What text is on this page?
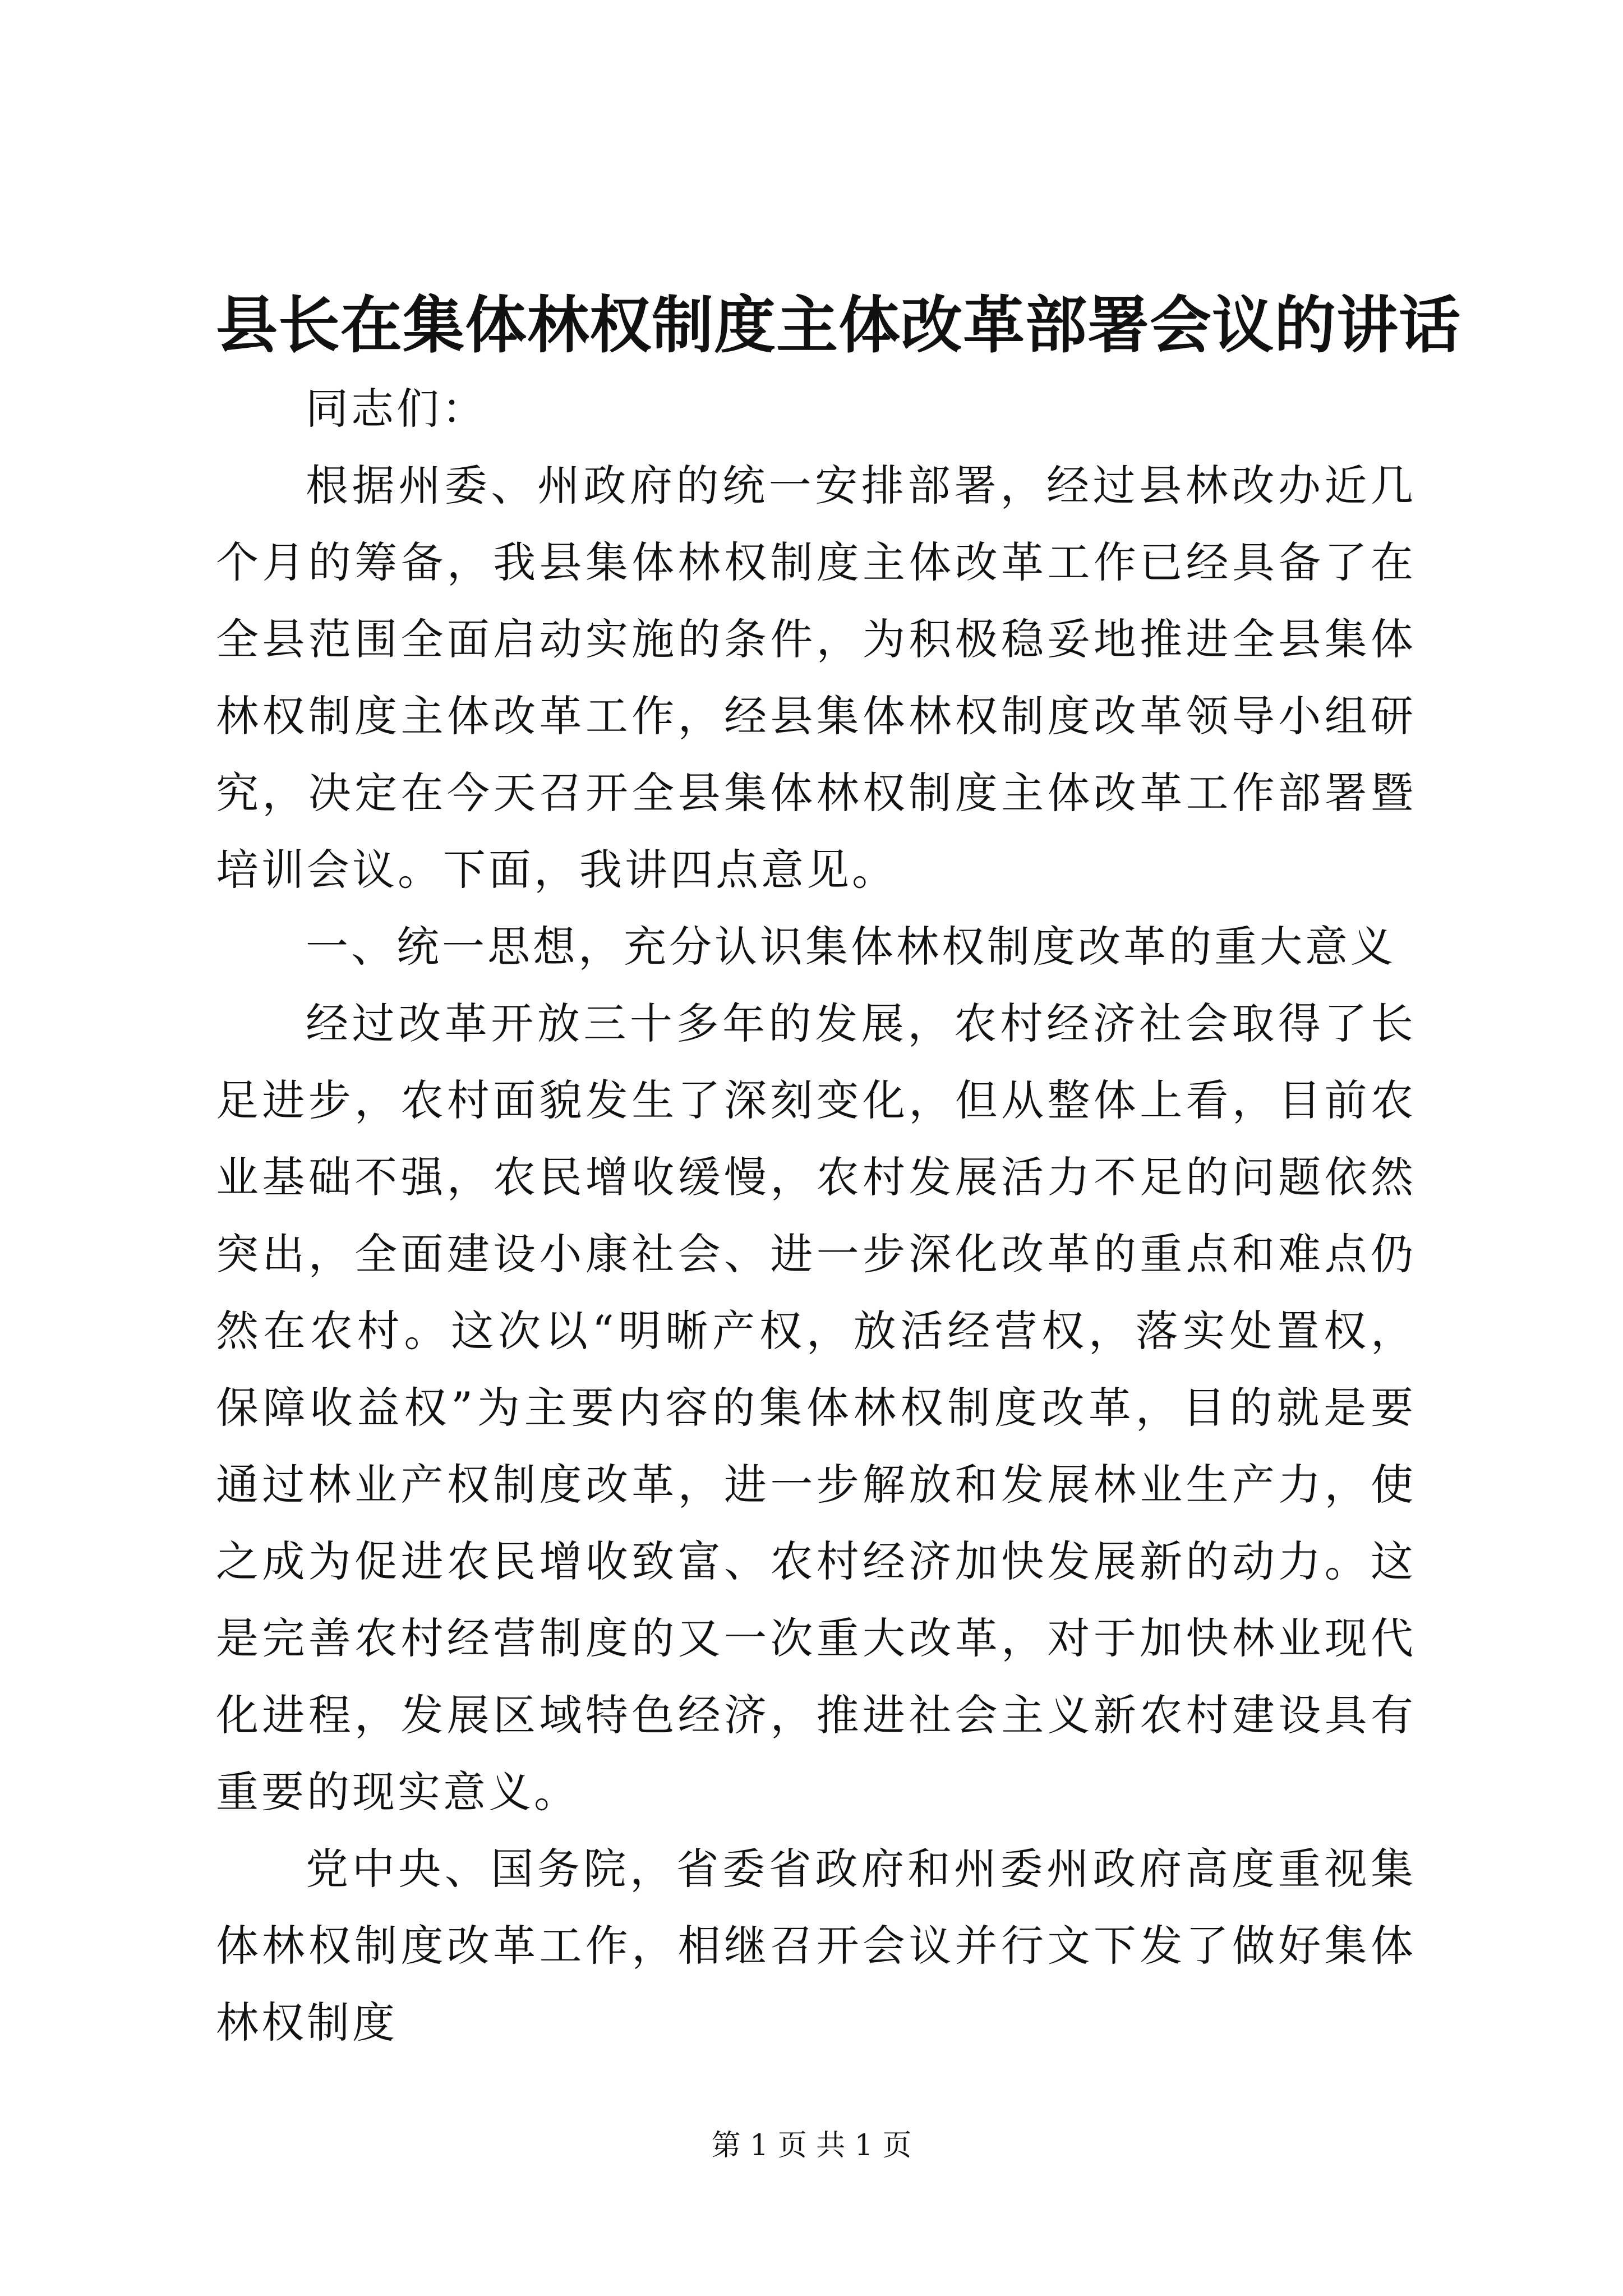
县长在集体林权制度主体改革部署会议的讲话

同志们：

根据州委、州政府的统一安排部署，经过县林改办近几个月的筹备，我县集体林权制度主体改革工作已经具备了在全县范围全面启动实施的条件，为积极稳妥地推进全县集体林权制度主体改革工作，经县集体林权制度改革领导小组研究，决定在今天召开全县集体林权制度主体改革工作部署暨培训会议。下面，我讲四点意见。

一、统一思想，充分认识集体林权制度改革的重大意义

经过改革开放三十多年的发展，农村经济社会取得了长足进步，农村面貌发生了深刻变化，但从整体上看，目前农业基础不强，农民增收缓慢，农村发展活力不足的问题依然突出，全面建设小康社会、进一步深化改革的重点和难点仍然在农村。这次以“明晰产权，放活经营权，落实处置权，保障收益权”为主要内容的集体林权制度改革，目的就是要通过林业产权制度改革，进一步解放和发展林业生产力，使之成为促进农民增收致富、农村经济加快发展新的动力。这是完善农村经营制度的又一次重大改革，对于加快林业现代化进程，发展区域特色经济，推进社会主义新农村建设具有重要的现实意义。

党中央、国务院，省委省政府和州委州政府高度重视集体林权制度改革工作，相继召开会议并行文下发了做好集体林权制度

第 1 页 共 1 页
